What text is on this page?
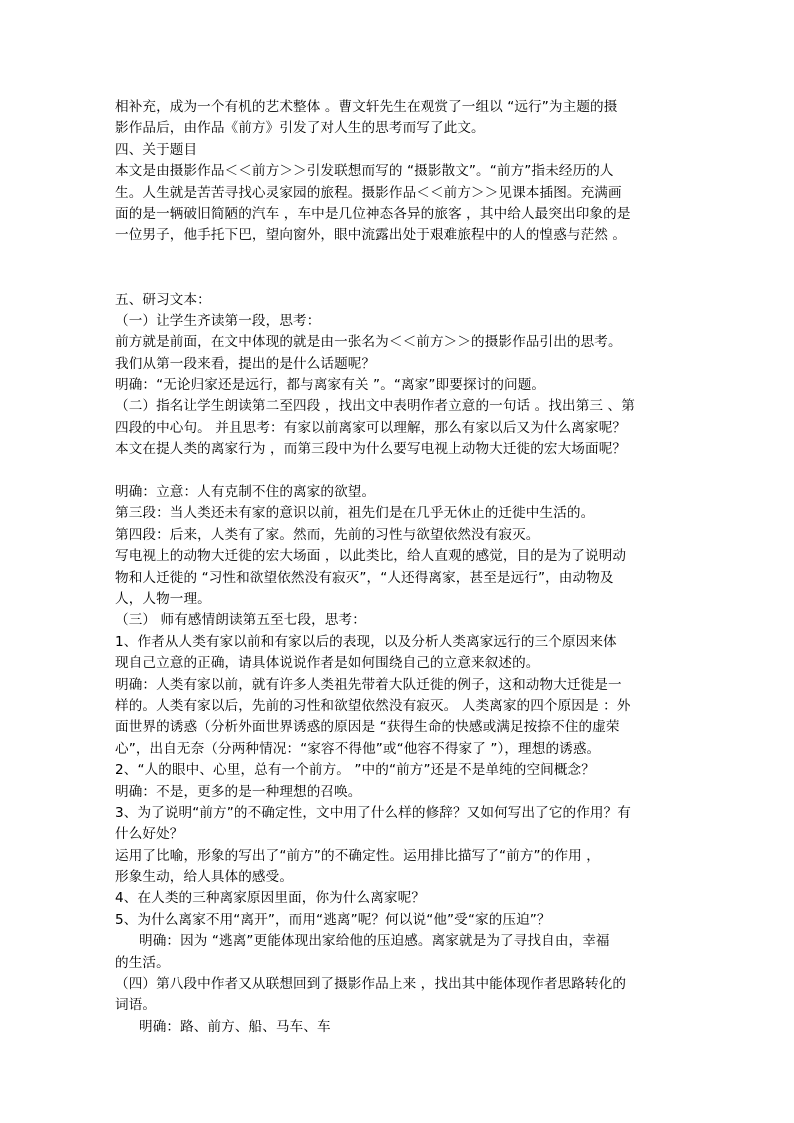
相补充，成为一个有机的艺术整体 。曹文轩先生在观赏了一组以 “远行”为主题的摄
影作品后，由作品《前方》引发了对人生的思考而写了此文。
四、关于题目
本文是由摄影作品＜＜前方＞＞引发联想而写的 “摄影散文”。“前方”指未经历的人
生。人生就是苦苦寻找心灵家园的旅程。摄影作品＜＜前方＞＞见课本插图。充满画
面的是一辆破旧简陋的汽车 ，车中是几位神态各异的旅客 ，其中给人最突出印象的是
一位男子，他手托下巴，望向窗外，眼中流露出处于艰难旅程中的人的惶惑与茫然 。
五、研习文本：
（一）让学生齐读第一段，思考：
前方就是前面，在文中体现的就是由一张名为＜＜前方＞＞的摄影作品引出的思考。
我们从第一段来看，提出的是什么话题呢？
明确：“无论归家还是远行，都与离家有关 ”。“离家”即要探讨的问题。
（二）指名让学生朗读第二至四段 ，找出文中表明作者立意的一句话 。找出第三 、第
四段的中心句。 并且思考：有家以前离家可以理解，那么有家以后又为什么离家呢？
本文在提人类的离家行为 ，而第三段中为什么要写电视上动物大迁徙的宏大场面呢？
明确：立意：人有克制不住的离家的欲望。
第三段：当人类还未有家的意识以前，祖先们是在几乎无休止的迁徙中生活的。
第四段：后来，人类有了家。然而，先前的习性与欲望依然没有寂灭。
写电视上的动物大迁徙的宏大场面 ，以此类比，给人直观的感觉，目的是为了说明动
物和人迁徙的 “习性和欲望依然没有寂灭”，“人还得离家，甚至是远行”，由动物及
人，人物一理。
（三） 师有感情朗读第五至七段，思考：
1、作者从人类有家以前和有家以后的表现，以及分析人类离家远行的三个原因来体
现自己立意的正确，请具体说说作者是如何围绕自己的立意来叙述的。
明确：人类有家以前，就有许多人类祖先带着大队迁徙的例子，这和动物大迁徙是一
样的。人类有家以后，先前的习性和欲望依然没有寂灭。 人类离家的四个原因是 ：外
面世界的诱惑（分析外面世界诱惑的原因是 “获得生命的快感或满足按捺不住的虚荣
心”，出自无奈（分两种情况：“家容不得他”或“他容不得家了 ”），理想的诱惑。
2、“人的眼中、心里，总有一个前方。 ”中的“前方”还是不是单纯的空间概念？
明确：不是，更多的是一种理想的召唤。
3、为了说明“前方”的不确定性，文中用了什么样的修辞？又如何写出了它的作用？有
什么好处？
运用了比喻，形象的写出了“前方”的不确定性。运用排比描写了“前方”的作用 ，
形象生动，给人具体的感受。
4、在人类的三种离家原因里面，你为什么离家呢？
5、为什么离家不用“离开”，而用“逃离”呢？何以说“他”受“家的压迫”？
明确：因为 “逃离”更能体现出家给他的压迫感。离家就是为了寻找自由，幸福
的生活。
（四）第八段中作者又从联想回到了摄影作品上来 ，找出其中能体现作者思路转化的
词语。
明确：路、前方、船、马车、车
